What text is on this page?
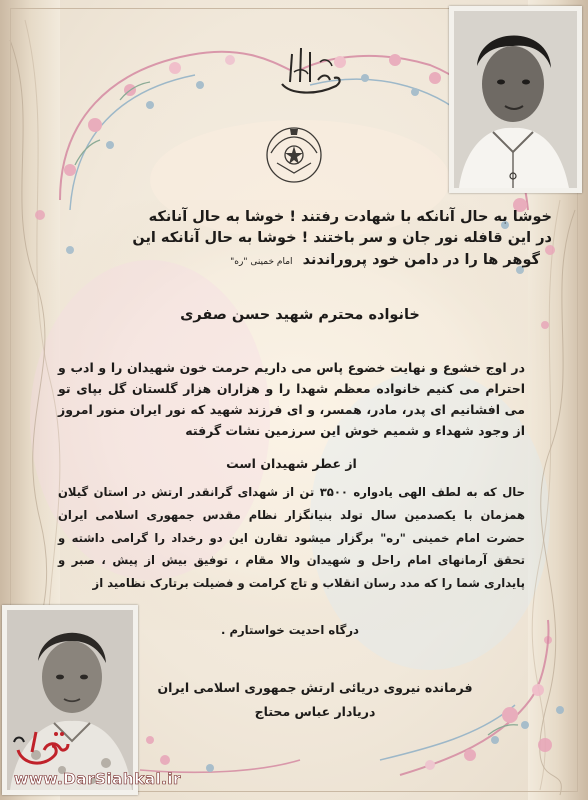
خوشا به حال آنانکه با شهادت رفتند ! خوشا به حال آنانکه
در این قافله نور جان و سر باختند ! خوشا به حال آنانکه این
گوهر ها را در دامن خود پروراندند  امام خمینی "ره"
خانواده محترم شهید حسن صفری
در اوج خشوع و نهایت خضوع پاس می داریم حرمت خون شهیدان را و ادب و احترام می کنیم خانواده معظم شهدا را و هزاران هزار گلستان گل بپای تو می افشانیم ای پدر، مادر، همسر، و ای فرزند شهید که نور ایران منور امروز از وجود شهداء و شمیم خوش این سرزمین نشات گرفته
از عطر شهیدان است
حال که به لطف الهی یادواره ۳۵۰۰ تن از شهدای گرانقدر ارتش در استان گیلان همزمان با یکصدمین سال تولد بنیانگزار نظام مقدس جمهوری اسلامی ایران حضرت امام خمینی "ره" برگزار میشود تقارن این دو رخداد را گرامی داشته و تحقق آرمانهای امام راحل و شهیدان والا مقام ، توفیق بیش از پیش ، صبر و پایداری شما را که مدد رسان انقلاب و تاج کرامت و فضیلت برتارک نظامید از
درگاه احدیت خواستارم .
فرمانده نیروی دریائی ارتش جمهوری اسلامی ایران
دریادار عباس محتاج
www.DarSiahkal.ir
